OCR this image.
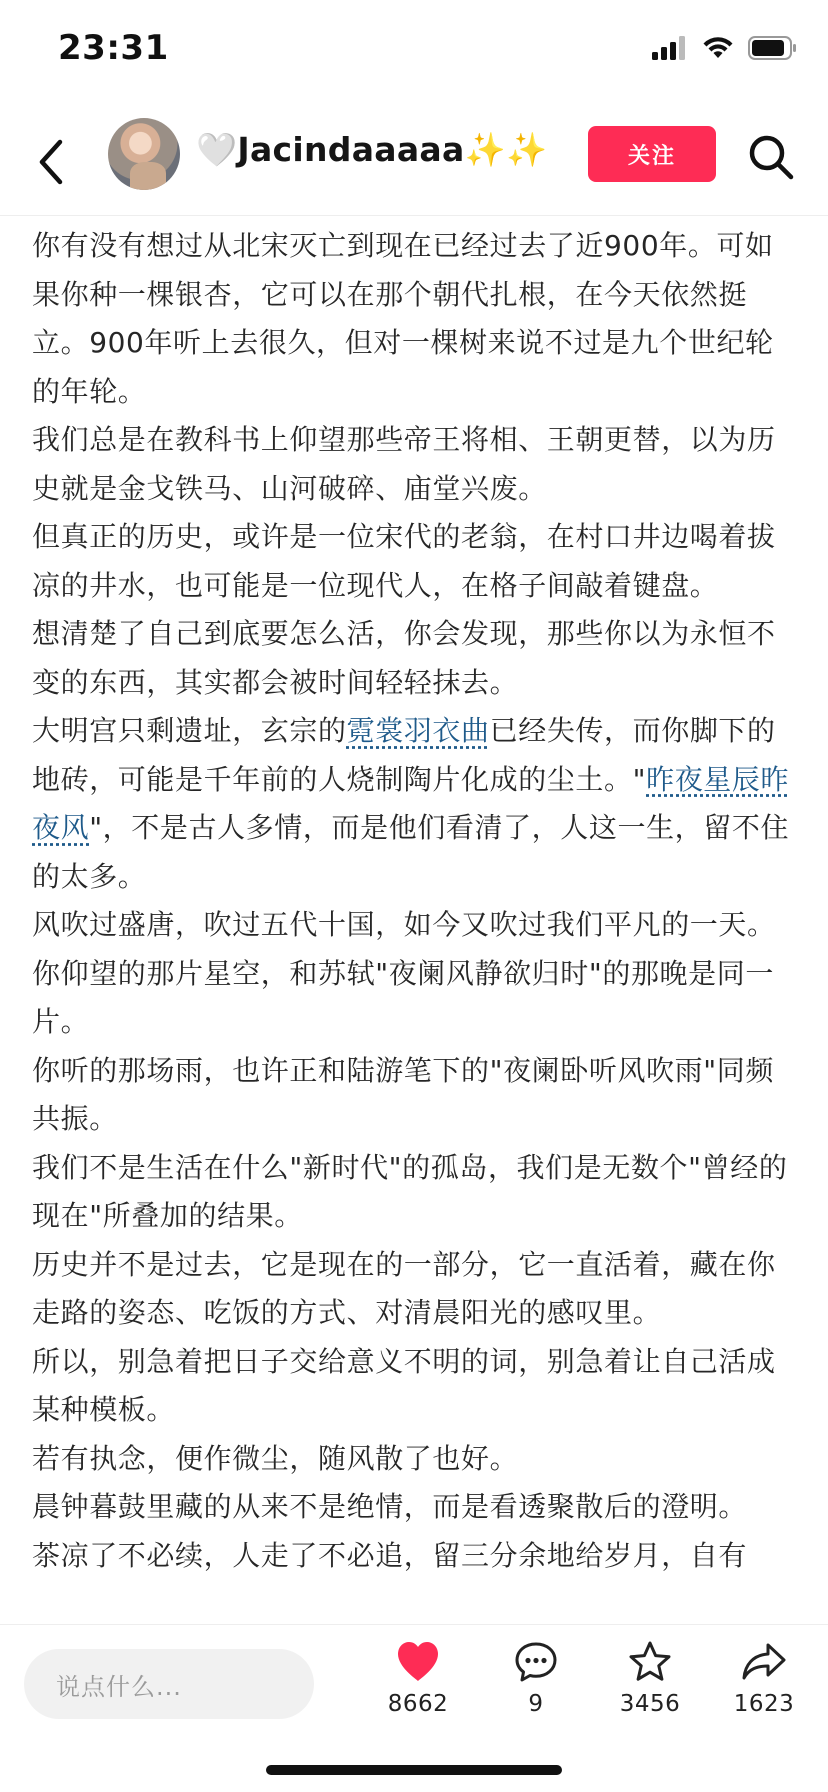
23:31
🤍Jacindaaaaa✨✨	关注

你有没有想过从北宋灭亡到现在已经过去了近900年。可如果你种一棵银杏，它可以在那个朝代扎根，在今天依然挺立。900年听上去很久，但对一棵树来说不过是九个世纪轮的年轮。

我们总是在教科书上仰望那些帝王将相、王朝更替，以为历史就是金戈铁马、山河破碎、庙堂兴废。

但真正的历史，或许是一位宋代的老翁，在村口井边喝着拔凉的井水，也可能是一位现代人，在格子间敲着键盘。

想清楚了自己到底要怎么活，你会发现，那些你以为永恒不变的东西，其实都会被时间轻轻抹去。

大明宫只剩遗址，玄宗的霓裳羽衣曲已经失传，而你脚下的地砖，可能是千年前的人烧制陶片化成的尘土。"昨夜星辰昨夜风"，不是古人多情，而是他们看清了，人这一生，留不住的太多。

风吹过盛唐，吹过五代十国，如今又吹过我们平凡的一天。

你仰望的那片星空，和苏轼"夜阑风静欲归时"的那晚是同一片。

你听的那场雨，也许正和陆游笔下的"夜阑卧听风吹雨"同频共振。

我们不是生活在什么"新时代"的孤岛，我们是无数个"曾经的现在"所叠加的结果。

历史并不是过去，它是现在的一部分，它一直活着，藏在你走路的姿态、吃饭的方式、对清晨阳光的感叹里。

所以，别急着把日子交给意义不明的词，别急着让自己活成某种模板。

若有执念，便作微尘，随风散了也好。

晨钟暮鼓里藏的从来不是绝情，而是看透聚散后的澄明。

茶凉了不必续，人走了不必追，留三分余地给岁月，自有

说点什么...
8662	9	3456	1623
